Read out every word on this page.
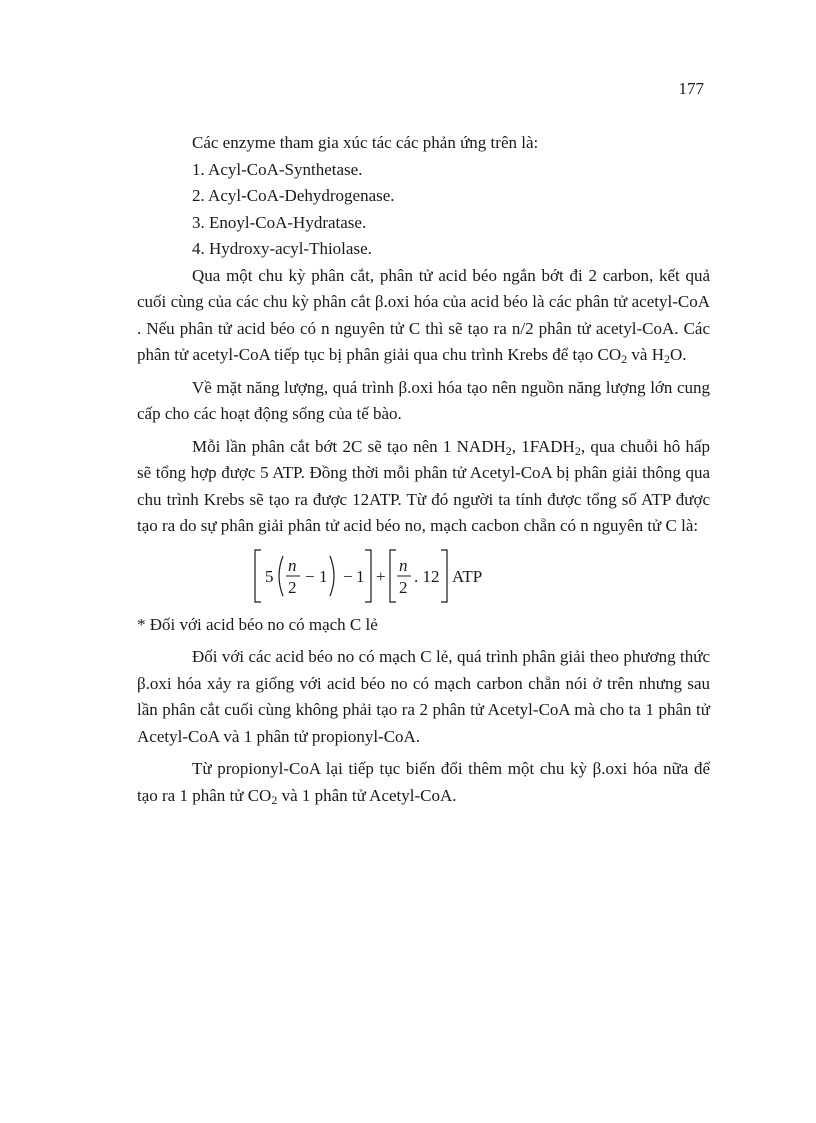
177

Các enzyme tham gia xúc tác các phản ứng trên là:

1. Acyl-CoA-Synthetase.

2. Acyl-CoA-Dehydrogenase.

3. Enoyl-CoA-Hydratase.

4. Hydroxy-acyl-Thiolase.

Qua một chu kỳ phân cắt, phân tử acid béo ngắn bớt đi 2 carbon, kết quả cuối cùng của các chu kỳ phân cắt β.oxi hóa của acid béo là các phân tử acetyl-CoA . Nếu phân tử acid béo có n nguyên tử C thì sẽ tạo ra n/2 phân tử acetyl-CoA. Các phân tử acetyl-CoA tiếp tục bị phân giải qua chu trình Krebs để tạo $CO_2$ và $H_2O$.

Về mặt năng lượng, quá trình β.oxi hóa tạo nên nguồn năng lượng lớn cung cấp cho các hoạt động sống của tế bào.

Mỗi lần phân cắt bớt 2C sẽ tạo nên 1 $NADH_2$, $1FADH_2$, qua chuỗi hô hấp sẽ tổng hợp được 5 ATP. Đồng thời mỗi phân tử Acetyl-CoA bị phân giải thông qua chu trình Krebs sẽ tạo ra được 12ATP. Từ đó người ta tính được tổng số ATP được tạo ra do sự phân giải phân tử acid béo no, mạch cacbon chẵn có n nguyên tử C là:

5
n
2
− 1 − 1 +
n
2
. 12 ATP

* Đối với acid béo no có mạch C lẻ

Đối với các acid béo no có mạch C lẻ, quá trình phân giải theo phương thức β.oxi hóa xảy ra giống với acid béo no có mạch carbon chẵn nói ở trên nhưng sau lần phân cắt cuối cùng không phải tạo ra 2 phân tử Acetyl-CoA mà cho ta 1 phân tử Acetyl-CoA và 1 phân tử propionyl-CoA.

Từ propionyl-CoA lại tiếp tục biến đổi thêm một chu kỳ β.oxi hóa nữa để tạo ra 1 phân tử $CO_2$ và 1 phân tử Acetyl-CoA.
